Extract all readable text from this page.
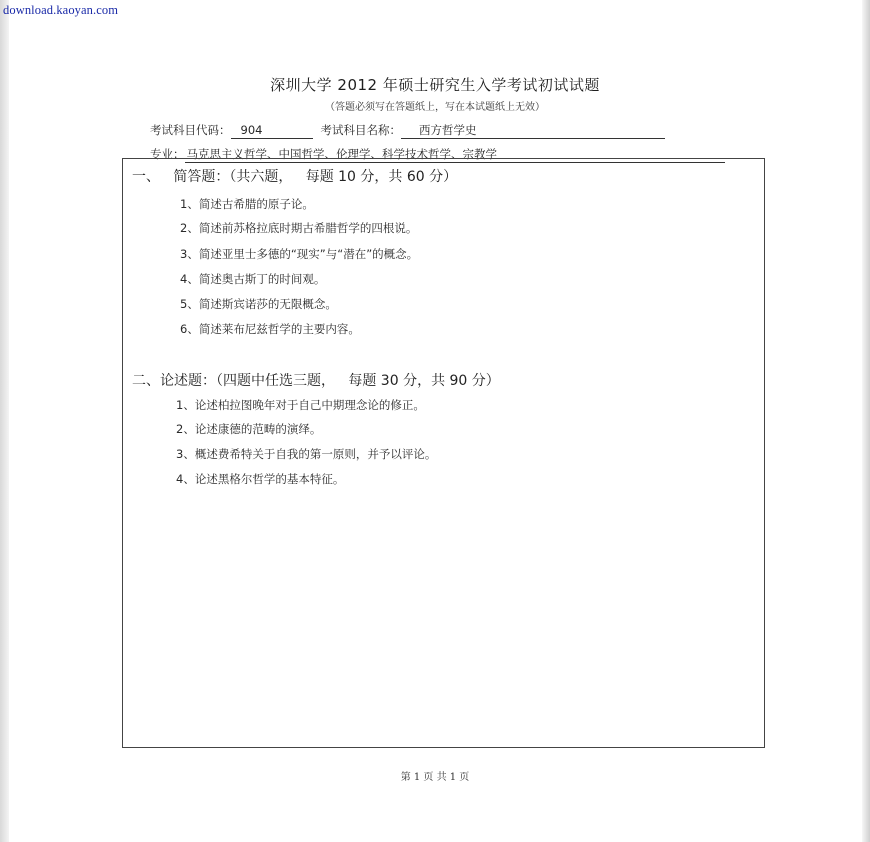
download.kaoyan.com
深圳大学 2012 年硕士研究生入学考试初试试题
（答题必须写在答题纸上，写在本试题纸上无效）
考试科目代码： 904	考试科目名称： 西方哲学史
专业： 马克思主义哲学、中国哲学、伦理学、科学技术哲学、宗教学
一、   简答题：（共六题，   每题 10 分，共 60 分）
1、简述古希腊的原子论。
2、简述前苏格拉底时期古希腊哲学的四根说。
3、简述亚里士多德的“现实”与“潜在”的概念。
4、简述奥古斯丁的时间观。
5、简述斯宾诺莎的无限概念。
6、简述莱布尼兹哲学的主要内容。
二、论述题：（四题中任选三题，   每题 30 分，共 90 分）
1、论述柏拉图晚年对于自己中期理念论的修正。
2、论述康德的范畴的演绎。
3、概述费希特关于自我的第一原则，并予以评论。
4、论述黑格尔哲学的基本特征。
第 1 页 共 1 页
